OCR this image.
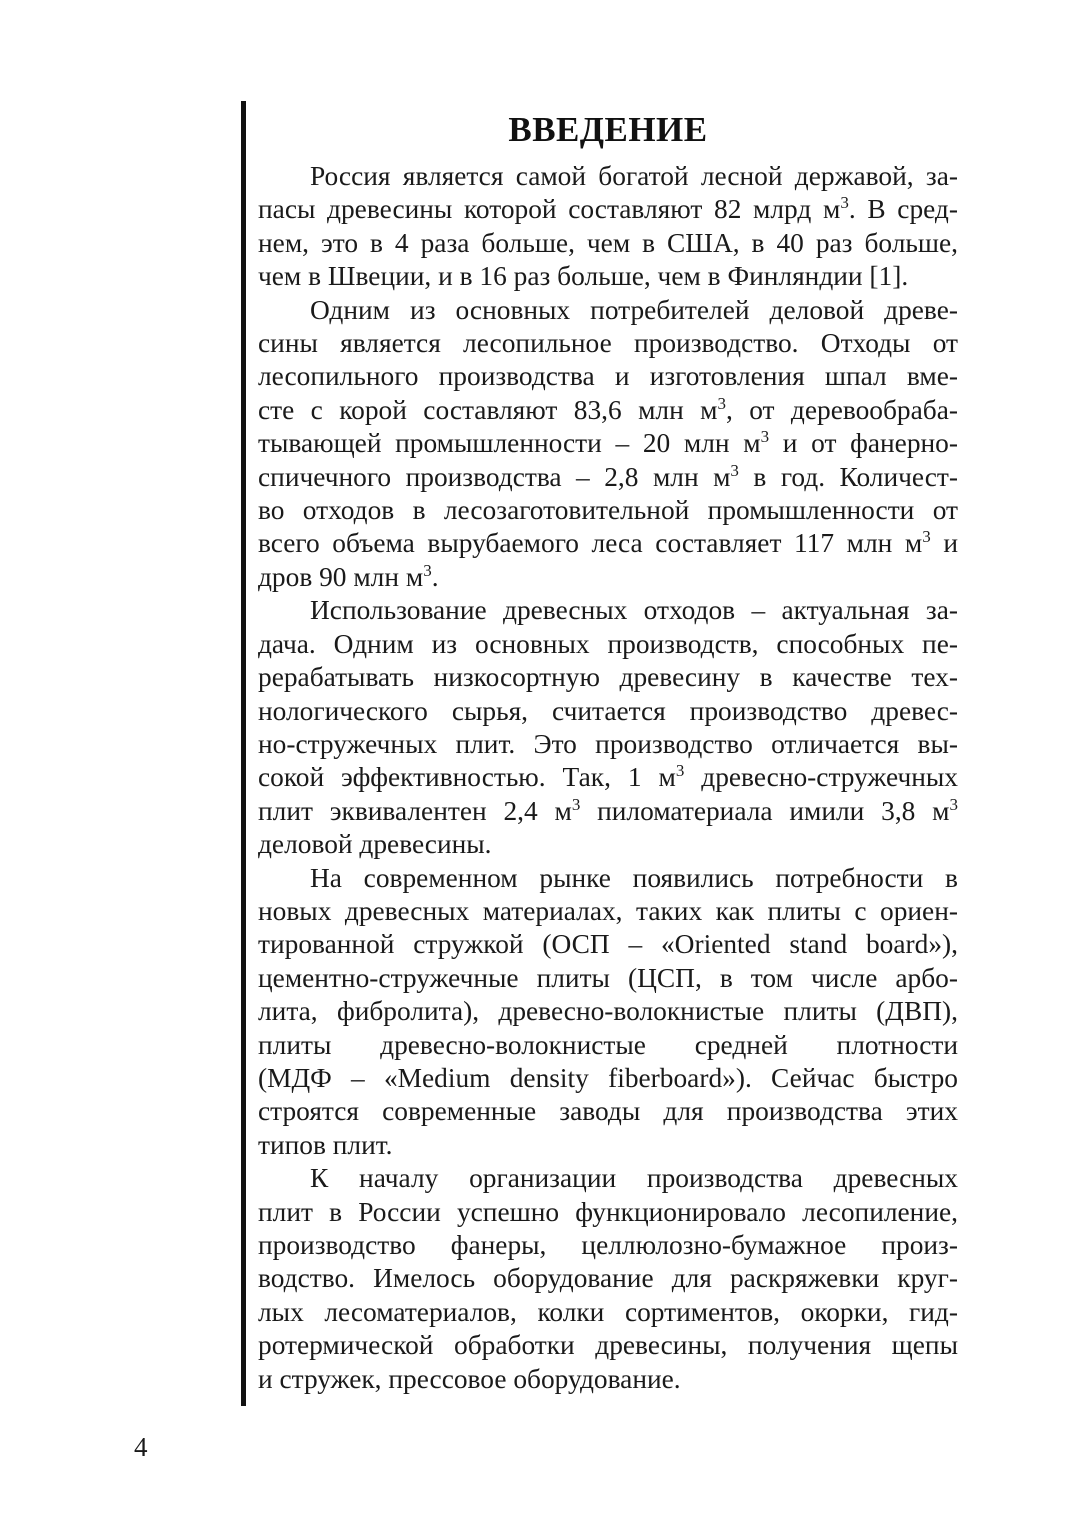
ВВЕДЕНИЕ
Россия является самой богатой лесной державой, за-
пасы древесины которой составляют 82 млрд $м^3$. В сред-
нем, это в 4 раза больше, чем в США, в 40 раз больше,
чем в Швеции, и в 16 раз больше, чем в Финляндии [1].
Одним из основных потребителей деловой древе-
сины является лесопильное производство. Отходы от
лесопильного производства и изготовления шпал вме-
сте с корой составляют 83,6 млн $м^3$, от деревообраба-
тывающей промышленности – 20 млн $м^3$ и от фанерно-
спичечного производства – 2,8 млн $м^3$ в год. Количест-
во отходов в лесозаготовительной промышленности от
всего объема вырубаемого леса составляет 117 млн $м^3$ и
дров 90 млн $м^3$.
Использование древесных отходов – актуальная за-
дача. Одним из основных производств, способных пе-
рерабатывать низкосортную древесину в качестве тех-
нологического сырья, считается производство древес-
но-стружечных плит. Это производство отличается вы-
сокой эффективностью. Так, 1 $м^3$ древесно-стружечных
плит эквивалентен 2,4 $м^3$ пиломатериала имили 3,8 $м^3$
деловой древесины.
На современном рынке появились потребности в
новых древесных материалах, таких как плиты с ориен-
тированной стружкой (ОСП – «Oriented stand board»),
цементно-стружечные плиты (ЦСП, в том числе арбо-
лита, фибролита), древесно-волокнистые плиты (ДВП),
плиты древесно-волокнистые средней плотности
(МДФ – «Medium density fiberboard»). Сейчас быстро
строятся современные заводы для производства этих
типов плит.
К началу организации производства древесных
плит в России успешно функционировало лесопиление,
производство фанеры, целлюлозно-бумажное произ-
водство. Имелось оборудование для раскряжевки круг-
лых лесоматериалов, колки сортиментов, окорки, гид-
ротермической обработки древесины, получения щепы
и стружек, прессовое оборудование.
4
